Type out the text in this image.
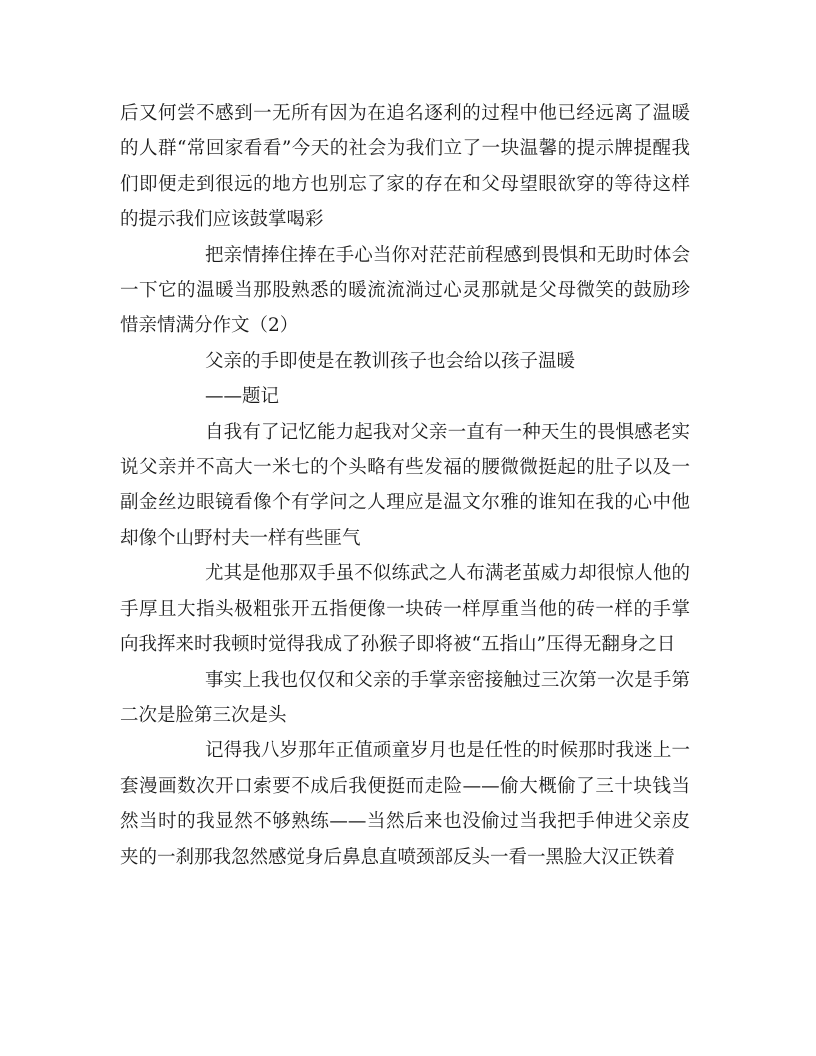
后又何尝不感到一无所有因为在追名逐利的过程中他已经远离了温暖的人群“常回家看看”今天的社会为我们立了一块温馨的提示牌提醒我们即便走到很远的地方也别忘了家的存在和父母望眼欲穿的等待这样的提示我们应该鼓掌喝彩

把亲情捧住捧在手心当你对茫茫前程感到畏惧和无助时体会一下它的温暖当那股熟悉的暖流流淌过心灵那就是父母微笑的鼓励珍惜亲情满分作文（2）

父亲的手即使是在教训孩子也会给以孩子温暖

——题记

自我有了记忆能力起我对父亲一直有一种天生的畏惧感老实说父亲并不高大一米七的个头略有些发福的腰微微挺起的肚子以及一副金丝边眼镜看像个有学问之人理应是温文尔雅的谁知在我的心中他却像个山野村夫一样有些匪气

尤其是他那双手虽不似练武之人布满老茧威力却很惊人他的手厚且大指头极粗张开五指便像一块砖一样厚重当他的砖一样的手掌向我挥来时我顿时觉得我成了孙猴子即将被“五指山”压得无翻身之日

事实上我也仅仅和父亲的手掌亲密接触过三次第一次是手第二次是脸第三次是头

记得我八岁那年正值顽童岁月也是任性的时候那时我迷上一套漫画数次开口索要不成后我便挺而走险——偷大概偷了三十块钱当然当时的我显然不够熟练——当然后来也没偷过当我把手伸进父亲皮夹的一刹那我忽然感觉身后鼻息直喷颈部反头一看一黑脸大汉正铁着
